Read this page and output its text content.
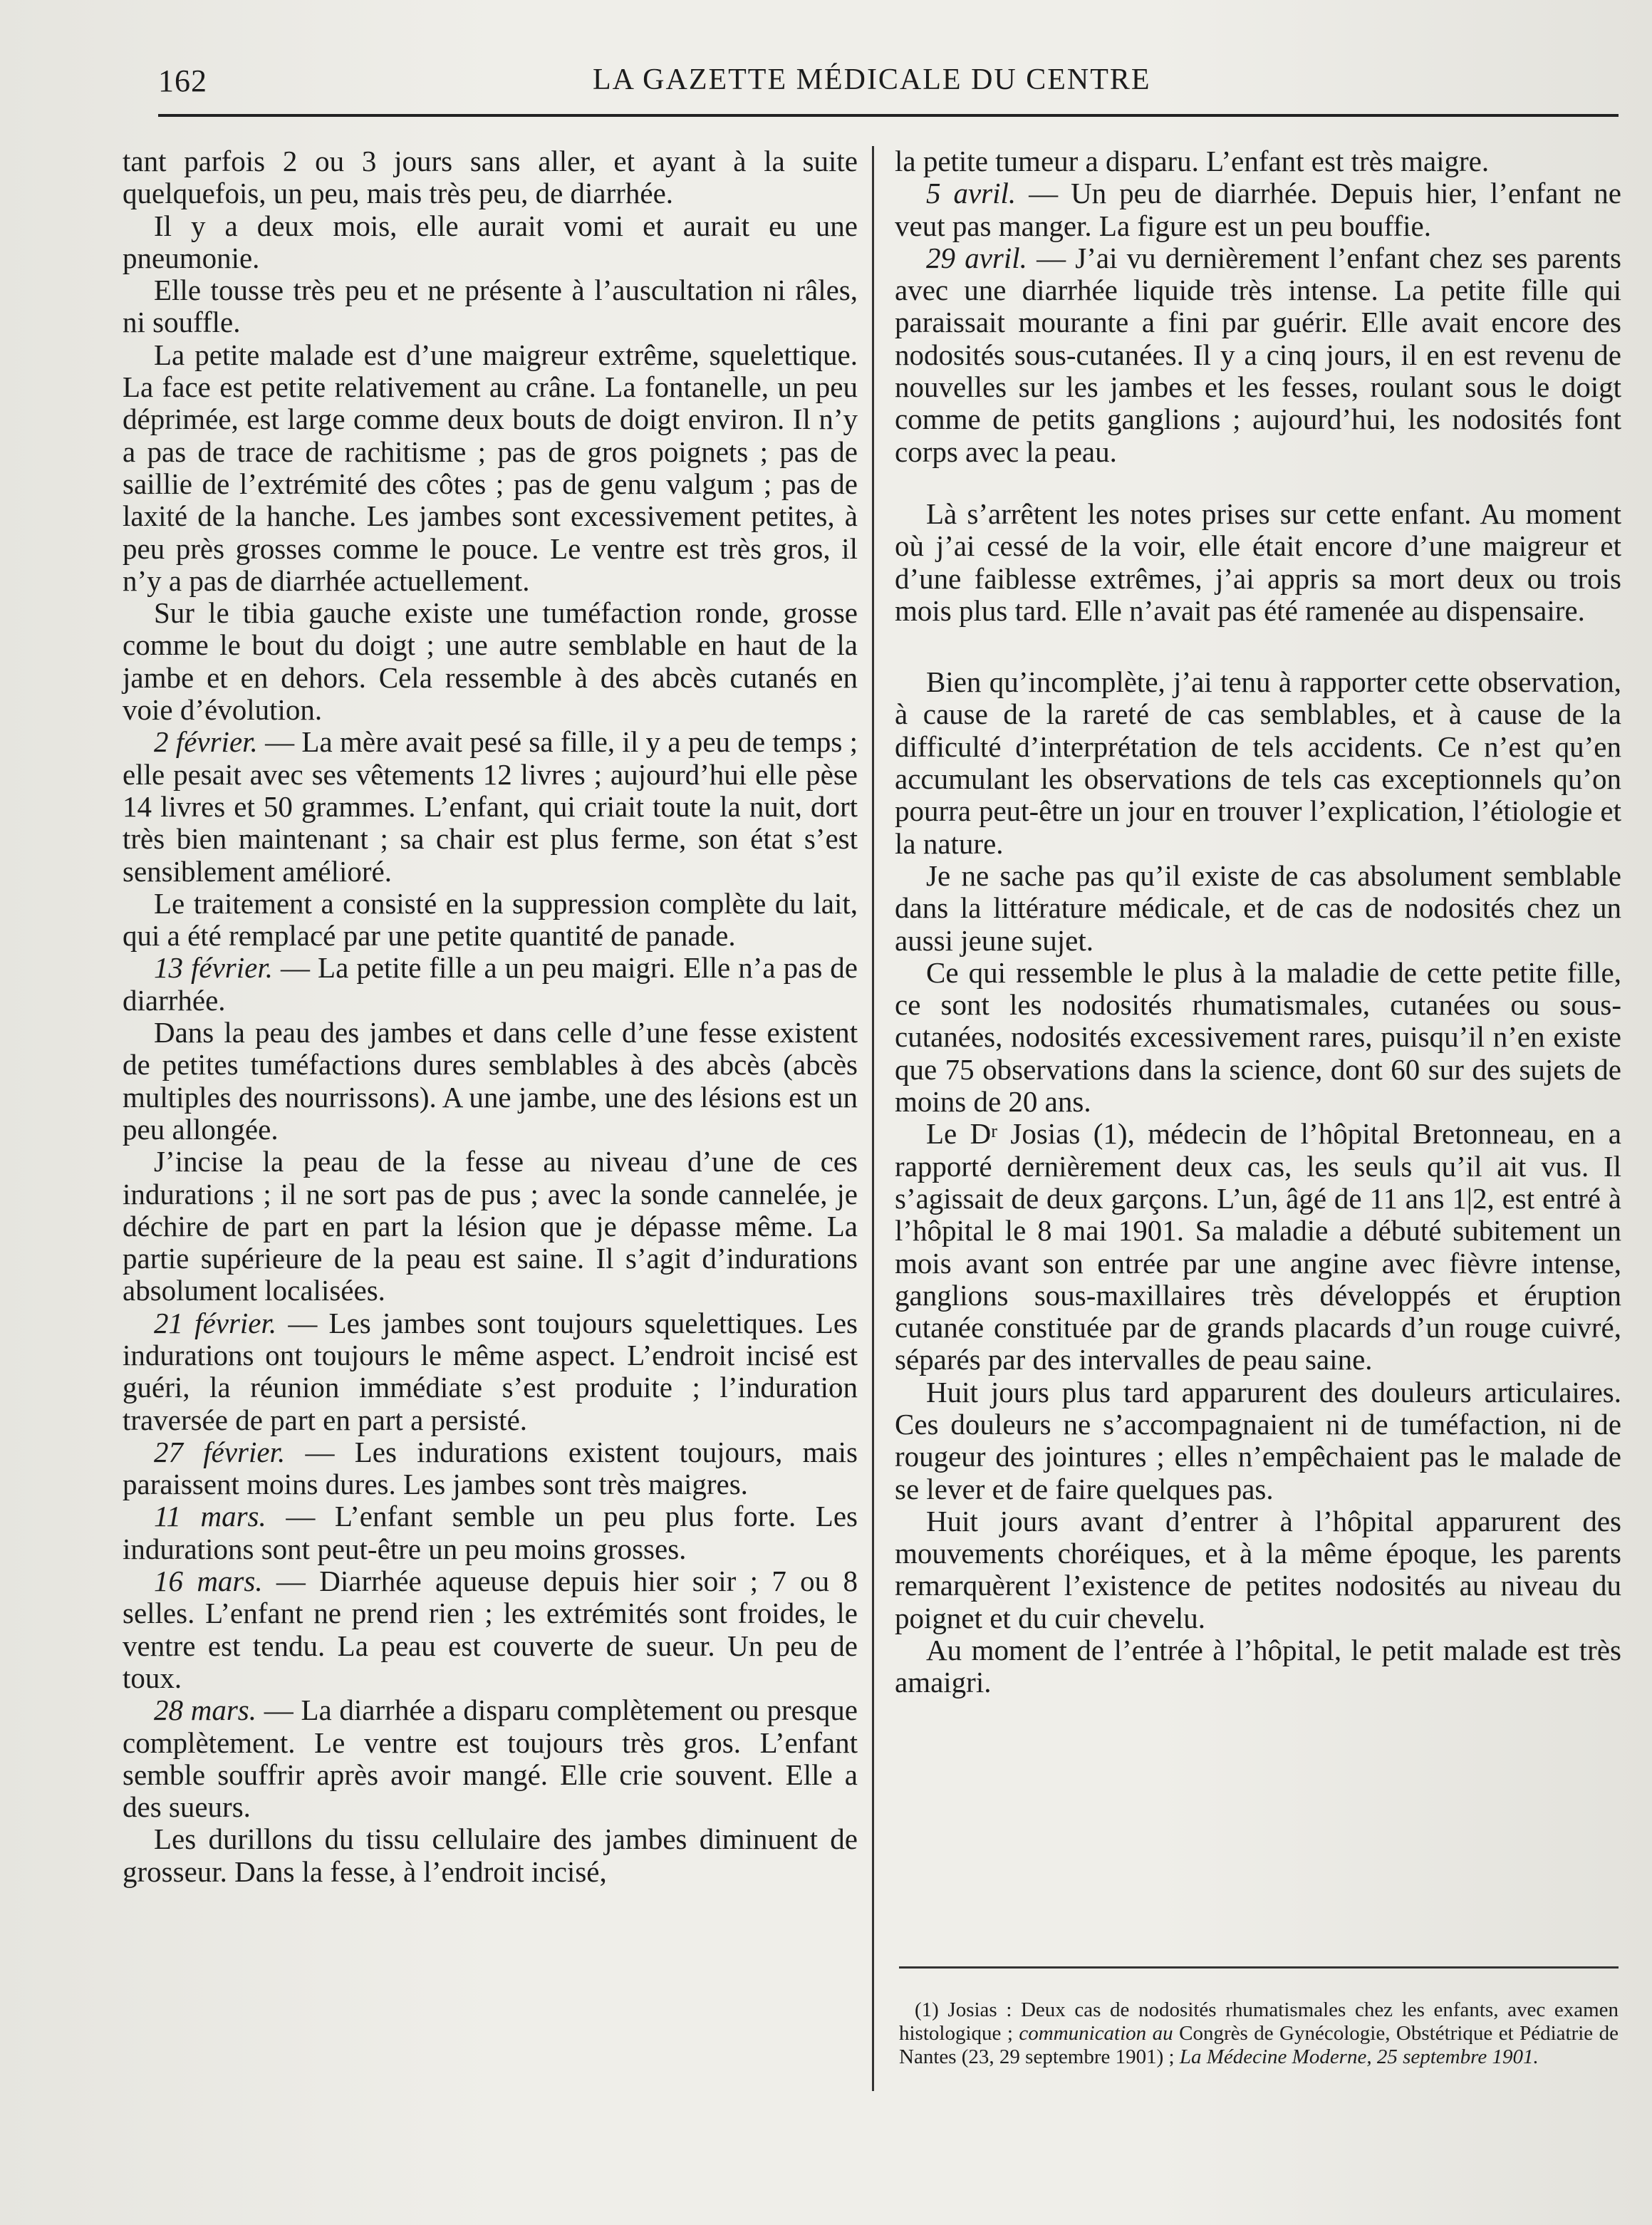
162	LA GAZETTE MÉDICALE DU CENTRE

tant parfois 2 ou 3 jours sans aller, et ayant à la suite quelquefois, un peu, mais très peu, de diarrhée.

Il y a deux mois, elle aurait vomi et aurait eu une pneumonie.

Elle tousse très peu et ne présente à l’auscultation ni râles, ni souffle.

La petite malade est d’une maigreur extrême, squelettique. La face est petite relativement au crâne. La fontanelle, un peu déprimée, est large comme deux bouts de doigt environ. Il n’y a pas de trace de rachitisme ; pas de gros poignets ; pas de saillie de l’extrémité des côtes ; pas de genu valgum ; pas de laxité de la hanche. Les jambes sont excessivement petites, à peu près grosses comme le pouce. Le ventre est très gros, il n’y a pas de diarrhée actuellement.

Sur le tibia gauche existe une tuméfaction ronde, grosse comme le bout du doigt ; une autre semblable en haut de la jambe et en dehors. Cela ressemble à des abcès cutanés en voie d’évolution.

2 février. — La mère avait pesé sa fille, il y a peu de temps ; elle pesait avec ses vêtements 12 livres ; aujourd’hui elle pèse 14 livres et 50 grammes. L’enfant, qui criait toute la nuit, dort très bien maintenant ; sa chair est plus ferme, son état s’est sensiblement amélioré.

Le traitement a consisté en la suppression complète du lait, qui a été remplacé par une petite quantité de panade.

13 février. — La petite fille a un peu maigri. Elle n’a pas de diarrhée.

Dans la peau des jambes et dans celle d’une fesse existent de petites tuméfactions dures semblables à des abcès (abcès multiples des nourrissons). A une jambe, une des lésions est un peu allongée.

J’incise la peau de la fesse au niveau d’une de ces indurations ; il ne sort pas de pus ; avec la sonde cannelée, je déchire de part en part la lésion que je dépasse même. La partie supérieure de la peau est saine. Il s’agit d’indurations absolument localisées.

21 février. — Les jambes sont toujours squelettiques. Les indurations ont toujours le même aspect. L’endroit incisé est guéri, la réunion immédiate s’est produite ; l’induration traversée de part en part a persisté.

27 février. — Les indurations existent toujours, mais paraissent moins dures. Les jambes sont très maigres.

11 mars. — L’enfant semble un peu plus forte. Les indurations sont peut-être un peu moins grosses.

16 mars. — Diarrhée aqueuse depuis hier soir ; 7 ou 8 selles. L’enfant ne prend rien ; les extrémités sont froides, le ventre est tendu. La peau est couverte de sueur. Un peu de toux.

28 mars. — La diarrhée a disparu complètement ou presque complètement. Le ventre est toujours très gros. L’enfant semble souffrir après avoir mangé. Elle crie souvent. Elle a des sueurs.

Les durillons du tissu cellulaire des jambes diminuent de grosseur. Dans la fesse, à l’endroit incisé,

la petite tumeur a disparu. L’enfant est très maigre.

5 avril. — Un peu de diarrhée. Depuis hier, l’enfant ne veut pas manger. La figure est un peu bouffie.

29 avril. — J’ai vu dernièrement l’enfant chez ses parents avec une diarrhée liquide très intense. La petite fille qui paraissait mourante a fini par guérir. Elle avait encore des nodosités sous-cutanées. Il y a cinq jours, il en est revenu de nouvelles sur les jambes et les fesses, roulant sous le doigt comme de petits ganglions ; aujourd’hui, les nodosités font corps avec la peau.

Là s’arrêtent les notes prises sur cette enfant. Au moment où j’ai cessé de la voir, elle était encore d’une maigreur et d’une faiblesse extrêmes, j’ai appris sa mort deux ou trois mois plus tard. Elle n’avait pas été ramenée au dispensaire.

Bien qu’incomplète, j’ai tenu à rapporter cette observation, à cause de la rareté de cas semblables, et à cause de la difficulté d’interprétation de tels accidents. Ce n’est qu’en accumulant les observations de tels cas exceptionnels qu’on pourra peut-être un jour en trouver l’explication, l’étiologie et la nature.

Je ne sache pas qu’il existe de cas absolument semblable dans la littérature médicale, et de cas de nodosités chez un aussi jeune sujet.

Ce qui ressemble le plus à la maladie de cette petite fille, ce sont les nodosités rhumatismales, cutanées ou sous-cutanées, nodosités excessivement rares, puisqu’il n’en existe que 75 observations dans la science, dont 60 sur des sujets de moins de 20 ans.

Le $D^r$ Josias (1), médecin de l’hôpital Bretonneau, en a rapporté dernièrement deux cas, les seuls qu’il ait vus. Il s’agissait de deux garçons. L’un, âgé de 11 ans 1|2, est entré à l’hôpital le 8 mai 1901. Sa maladie a débuté subitement un mois avant son entrée par une angine avec fièvre intense, ganglions sous-maxillaires très développés et éruption cutanée constituée par de grands placards d’un rouge cuivré, séparés par des intervalles de peau saine.

Huit jours plus tard apparurent des douleurs articulaires. Ces douleurs ne s’accompagnaient ni de tuméfaction, ni de rougeur des jointures ; elles n’empêchaient pas le malade de se lever et de faire quelques pas.

Huit jours avant d’entrer à l’hôpital apparurent des mouvements choréiques, et à la même époque, les parents remarquèrent l’existence de petites nodosités au niveau du poignet et du cuir chevelu.

Au moment de l’entrée à l’hôpital, le petit malade est très amaigri.

(1) Josias : Deux cas de nodosités rhumatismales chez les enfants, avec examen histologique ; communication au Congrès de Gynécologie, Obstétrique et Pédiatrie de Nantes (23, 29 septembre 1901) ; La Médecine Moderne, 25 septembre 1901.
